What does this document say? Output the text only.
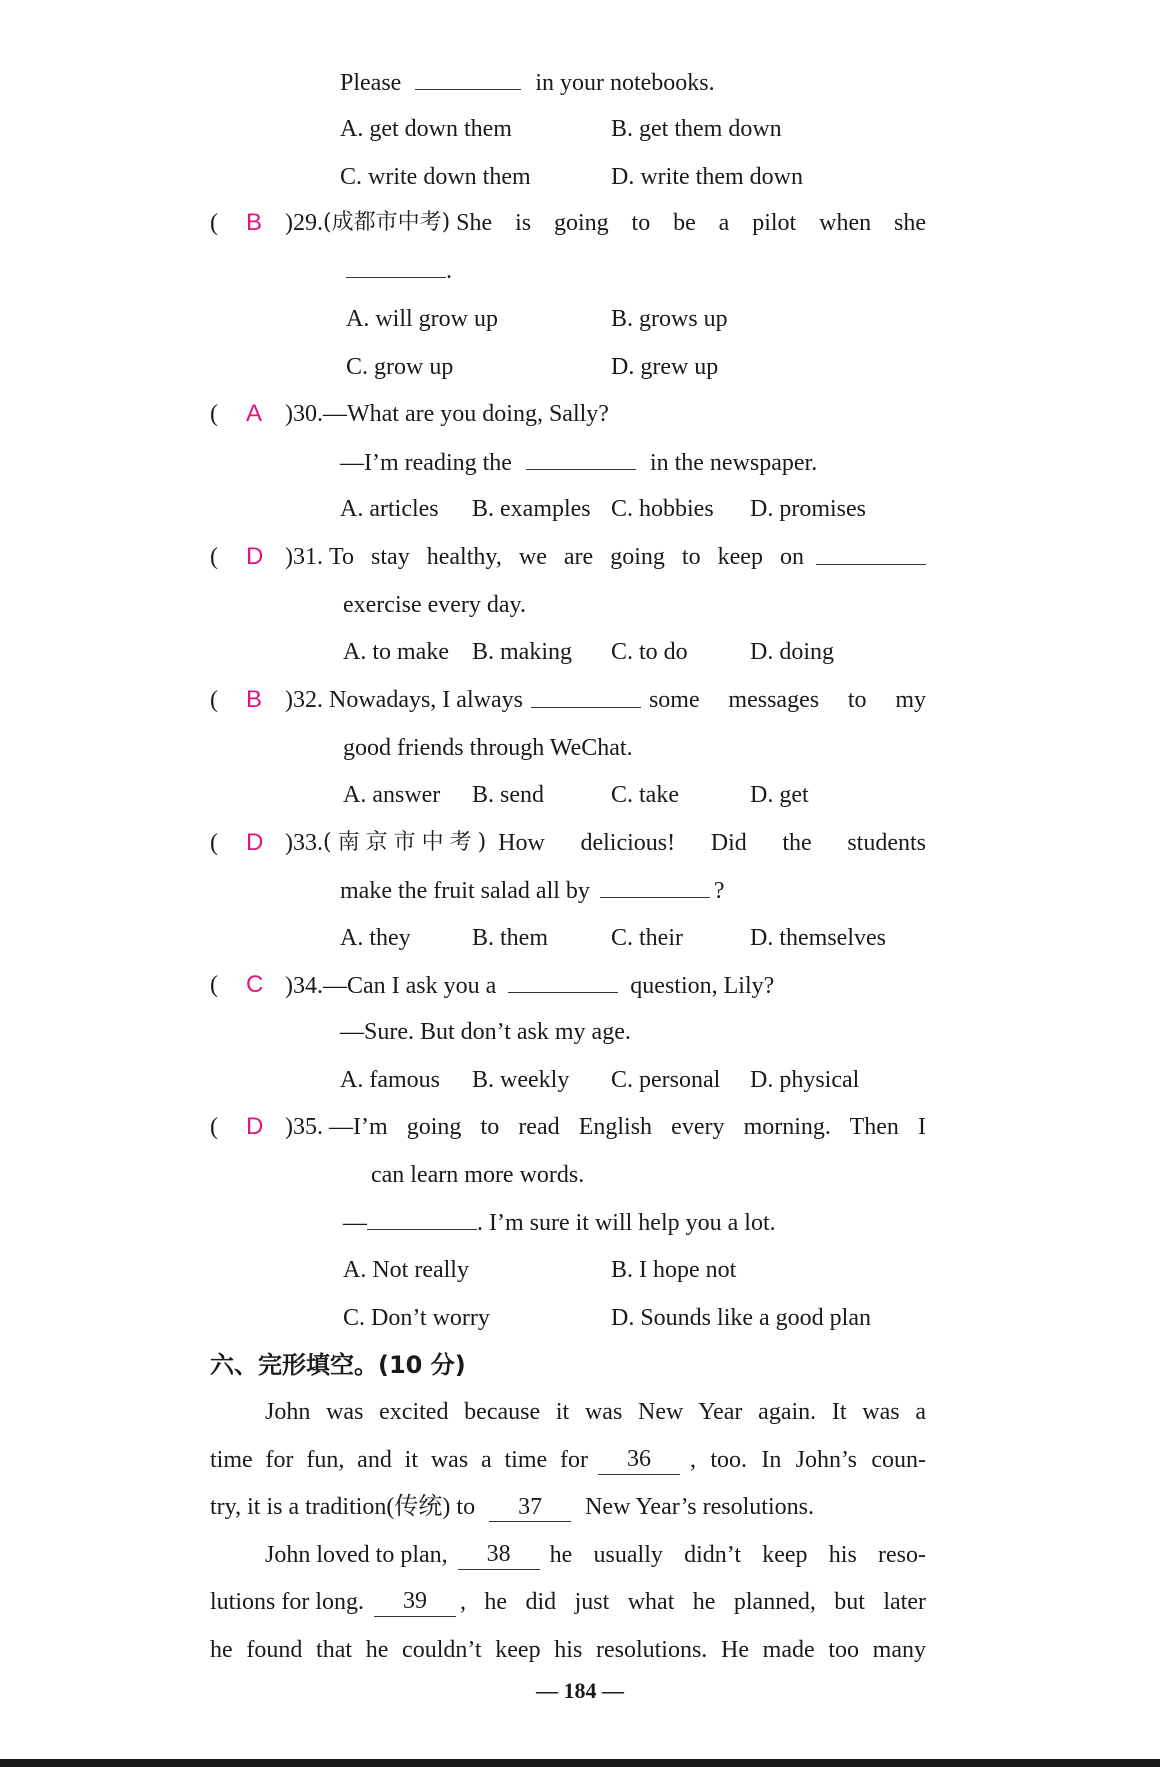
Please	in your notebooks.
A. get down them	B. get them down
C. write down them	D. write them down
( B )29. (成都市中考) She is going to be a pilot when she
.
A. will grow up	B. grows up
C. grow up	D. grew up
( A )30.—What are you doing, Sally?
—I’m reading the	in the newspaper.
A. articles B. examples C. hobbies D. promises
( D )31. To stay healthy, we are going to keep on
exercise every day.
A. to make B. making C. to do	D. doing
( B )32. Nowadays, I always	some messages to my
good friends through WeChat.
A. answer B. send	C. take	D. get
( D )33. (南京市中考) How delicious! Did the students
make the fruit salad all by	?
A. they	B. them	C. their	D. themselves
( C )34.—Can I ask you a	question, Lily?
—Sure. But don’t ask my age.
A. famous B. weekly C. personal D. physical
( D )35. —I’m going to read English every morning. Then I
can learn more words.
—	. I’m sure it will help you a lot.
A. Not really	B. I hope not
C. Don’t worry	D. Sounds like a good plan
六、完形填空。(10 分)
John was excited because it was New Year again. It was a
time for fun, and it was a time for	36	, too. In John’s coun-
try, it is a tradition(传统) to 37 New Year’s resolutions.
John loved to plan,	38	he usually didn’t keep his reso-
lutions for long.	39	, he did just what he planned, but later
he found that he couldn’t keep his resolutions. He made too many
— 184 —
